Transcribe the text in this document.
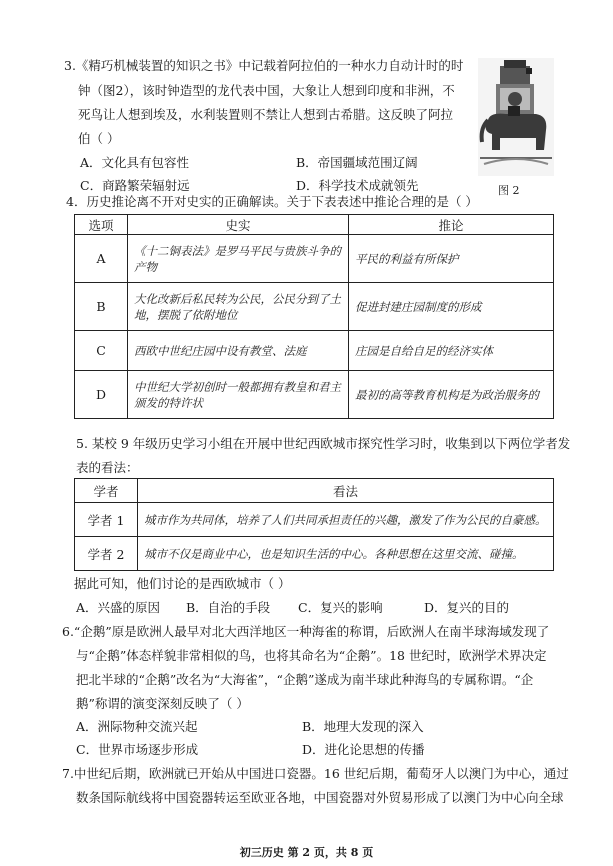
3.《精巧机械装置的知识之书》中记载着阿拉伯的一种水力自动计时的时
钟（图2），该时钟造型的龙代表中国，大象让人想到印度和非洲，不
死鸟让人想到埃及，水利装置则不禁让人想到古希腊。这反映了阿拉
伯（ ）
A．文化具有包容性	B．帝国疆域范围辽阔
C．商路繁荣辐射远	D．科学技术成就领先	图 2
4．历史推论离不开对史实的正确解读。关于下表表述中推论合理的是（ ）
选项	史实	推论
A	《十二铜表法》是罗马平民与贵族斗争的产物	平民的利益有所保护
B	大化改新后私民转为公民，公民分到了土地，摆脱了依附地位	促进封建庄园制度的形成
C	西欧中世纪庄园中设有教堂、法庭	庄园是自给自足的经济实体
D	中世纪大学初创时一般都拥有教皇和君主颁发的特许状	最初的高等教育机构是为政治服务的
5. 某校 9 年级历史学习小组在开展中世纪西欧城市探究性学习时，收集到以下两位学者发
表的看法：
学者	看法
学者 1	城市作为共同体，培养了人们共同承担责任的兴趣，激发了作为公民的自豪感。
学者 2	城市不仅是商业中心，也是知识生活的中心。各种思想在这里交流、碰撞。
据此可知，他们讨论的是西欧城市（ ）
A．兴盛的原因 B．自治的手段 C．复兴的影响	D．复兴的目的
6.“企鹅”原是欧洲人最早对北大西洋地区一种海雀的称谓，后欧洲人在南半球海域发现了
与“企鹅”体态样貌非常相似的鸟，也将其命名为“企鹅”。18 世纪时，欧洲学术界决定
把北半球的“企鹅”改名为“大海雀”，“企鹅”遂成为南半球此种海鸟的专属称谓。“企
鹅”称谓的演变深刻反映了（ ）
A．洲际物种交流兴起	B．地理大发现的深入
C．世界市场逐步形成	D．进化论思想的传播
7.中世纪后期，欧洲就已开始从中国进口瓷器。16 世纪后期，葡萄牙人以澳门为中心，通过
数条国际航线将中国瓷器转运至欧亚各地，中国瓷器对外贸易形成了以澳门为中心向全球
初三历史 第 2 页，共 8 页
